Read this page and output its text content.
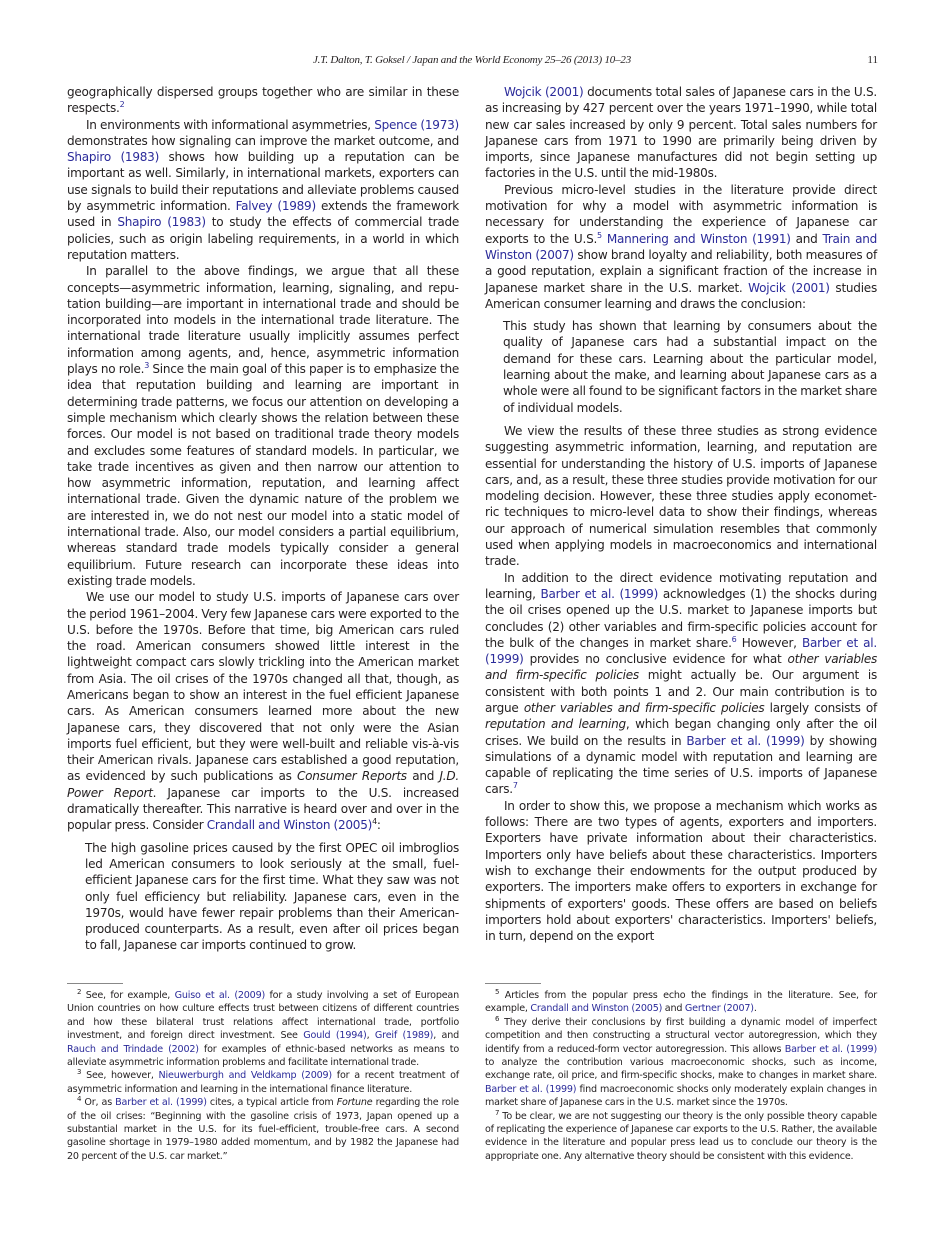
J.T. Dalton, T. Goksel / Japan and the World Economy 25–26 (2013) 10–23	11

geographically dispersed groups together who are similar in these respects.$^2$

In environments with informational asymmetries, Spence (1973) demonstrates how signaling can improve the market outcome, and Shapiro (1983) shows how building up a reputation can be important as well. Similarly, in international markets, exporters can use signals to build their reputations and alleviate problems caused by asymmetric information. Falvey (1989) extends the framework used in Shapiro (1983) to study the effects of commercial trade policies, such as origin labeling requirements, in a world in which reputation matters.

In parallel to the above findings, we argue that all these concepts—asymmetric information, learning, signaling, and reputation building—are important in international trade and should be incorporated into models in the international trade literature. The international trade literature usually implicitly assumes perfect information among agents, and, hence, asymmetric information plays no role.$^3$ Since the main goal of this paper is to emphasize the idea that reputation building and learning are important in determining trade patterns, we focus our attention on developing a simple mechanism which clearly shows the relation between these forces. Our model is not based on traditional trade theory models and excludes some features of standard models. In particular, we take trade incentives as given and then narrow our attention to how asymmetric information, reputation, and learning affect international trade. Given the dynamic nature of the problem we are interested in, we do not nest our model into a static model of international trade. Also, our model considers a partial equilibrium, whereas standard trade models typically consider a general equilibrium. Future research can incorporate these ideas into existing trade models.

We use our model to study U.S. imports of Japanese cars over the period 1961–2004. Very few Japanese cars were exported to the U.S. before the 1970s. Before that time, big American cars ruled the road. American consumers showed little interest in the lightweight compact cars slowly trickling into the American market from Asia. The oil crises of the 1970s changed all that, though, as Americans began to show an interest in the fuel efficient Japanese cars. As American consumers learned more about the new Japanese cars, they discovered that not only were the Asian imports fuel efficient, but they were well-built and reliable vis-à-vis their American rivals. Japanese cars established a good reputation, as evidenced by such publications as Consumer Reports and J.D. Power Report. Japanese car imports to the U.S. increased dramatically thereafter. This narrative is heard over and over in the popular press. Consider Crandall and Winston $(2005)^4$:

The high gasoline prices caused by the first OPEC oil imbroglios led American consumers to look seriously at the small, fuel-efficient Japanese cars for the first time. What they saw was not only fuel efficiency but reliability. Japanese cars, even in the 1970s, would have fewer repair problems than their American-produced counterparts. As a result, even after oil prices began to fall, Japanese car imports continued to grow.

Wojcik (2001) documents total sales of Japanese cars in the U.S. as increasing by 427 percent over the years 1971–1990, while total new car sales increased by only 9 percent. Total sales numbers for Japanese cars from 1971 to 1990 are primarily being driven by imports, since Japanese manufactures did not begin setting up factories in the U.S. until the mid-1980s.

Previous micro-level studies in the literature provide direct motivation for why a model with asymmetric information is necessary for understanding the experience of Japanese car exports to the U.S.$^5$ Mannering and Winston (1991) and Train and Winston (2007) show brand loyalty and reliability, both measures of a good reputation, explain a significant fraction of the increase in Japanese market share in the U.S. market. Wojcik (2001) studies American consumer learning and draws the conclusion:

This study has shown that learning by consumers about the quality of Japanese cars had a substantial impact on the demand for these cars. Learning about the particular model, learning about the make, and learning about Japanese cars as a whole were all found to be significant factors in the market share of individual models.

We view the results of these three studies as strong evidence suggesting asymmetric information, learning, and reputation are essential for understanding the history of U.S. imports of Japanese cars, and, as a result, these three studies provide motivation for our modeling decision. However, these three studies apply econometric techniques to micro-level data to show their findings, whereas our approach of numerical simulation resembles that commonly used when applying models in macroeconomics and international trade.

In addition to the direct evidence motivating reputation and learning, Barber et al. (1999) acknowledges (1) the shocks during the oil crises opened up the U.S. market to Japanese imports but concludes (2) other variables and firm-specific policies account for the bulk of the changes in market share.$^6$ However, Barber et al. (1999) provides no conclusive evidence for what other variables and firm-specific policies might actually be. Our argument is consistent with both points 1 and 2. Our main contribution is to argue other variables and firm-specific policies largely consists of reputation and learning, which began changing only after the oil crises. We build on the results in Barber et al. (1999) by showing simulations of a dynamic model with reputation and learning are capable of replicating the time series of U.S. imports of Japanese cars.$^7$

In order to show this, we propose a mechanism which works as follows: There are two types of agents, exporters and importers. Exporters have private information about their characteristics. Importers only have beliefs about these characteristics. Importers wish to exchange their endowments for the output produced by exporters. The importers make offers to exporters in exchange for shipments of exporters' goods. These offers are based on beliefs importers hold about exporters' characteristics. Importers' beliefs, in turn, depend on the export

$^2$ See, for example, Guiso et al. (2009) for a study involving a set of European Union countries on how culture effects trust between citizens of different countries and how these bilateral trust relations affect international trade, portfolio investment, and foreign direct investment. See Gould (1994), Greif (1989), and Rauch and Trindade (2002) for examples of ethnic-based networks as means to alleviate asymmetric information problems and facilitate international trade.

$^3$ See, however, Nieuwerburgh and Veldkamp (2009) for a recent treatment of asymmetric information and learning in the international finance literature.

$^4$ Or, as Barber et al. (1999) cites, a typical article from Fortune regarding the role of the oil crises: “Beginning with the gasoline crisis of 1973, Japan opened up a substantial market in the U.S. for its fuel-efficient, trouble-free cars. A second gasoline shortage in 1979–1980 added momentum, and by 1982 the Japanese had 20 percent of the U.S. car market.”

$^5$ Articles from the popular press echo the findings in the literature. See, for example, Crandall and Winston (2005) and Gertner (2007).

$^6$ They derive their conclusions by first building a dynamic model of imperfect competition and then constructing a structural vector autoregression, which they identify from a reduced-form vector autoregression. This allows Barber et al. (1999) to analyze the contribution various macroeconomic shocks, such as income, exchange rate, oil price, and firm-specific shocks, make to changes in market share. Barber et al. (1999) find macroeconomic shocks only moderately explain changes in market share of Japanese cars in the U.S. market since the 1970s.

$^7$ To be clear, we are not suggesting our theory is the only possible theory capable of replicating the experience of Japanese car exports to the U.S. Rather, the available evidence in the literature and popular press lead us to conclude our theory is the appropriate one. Any alternative theory should be consistent with this evidence.
